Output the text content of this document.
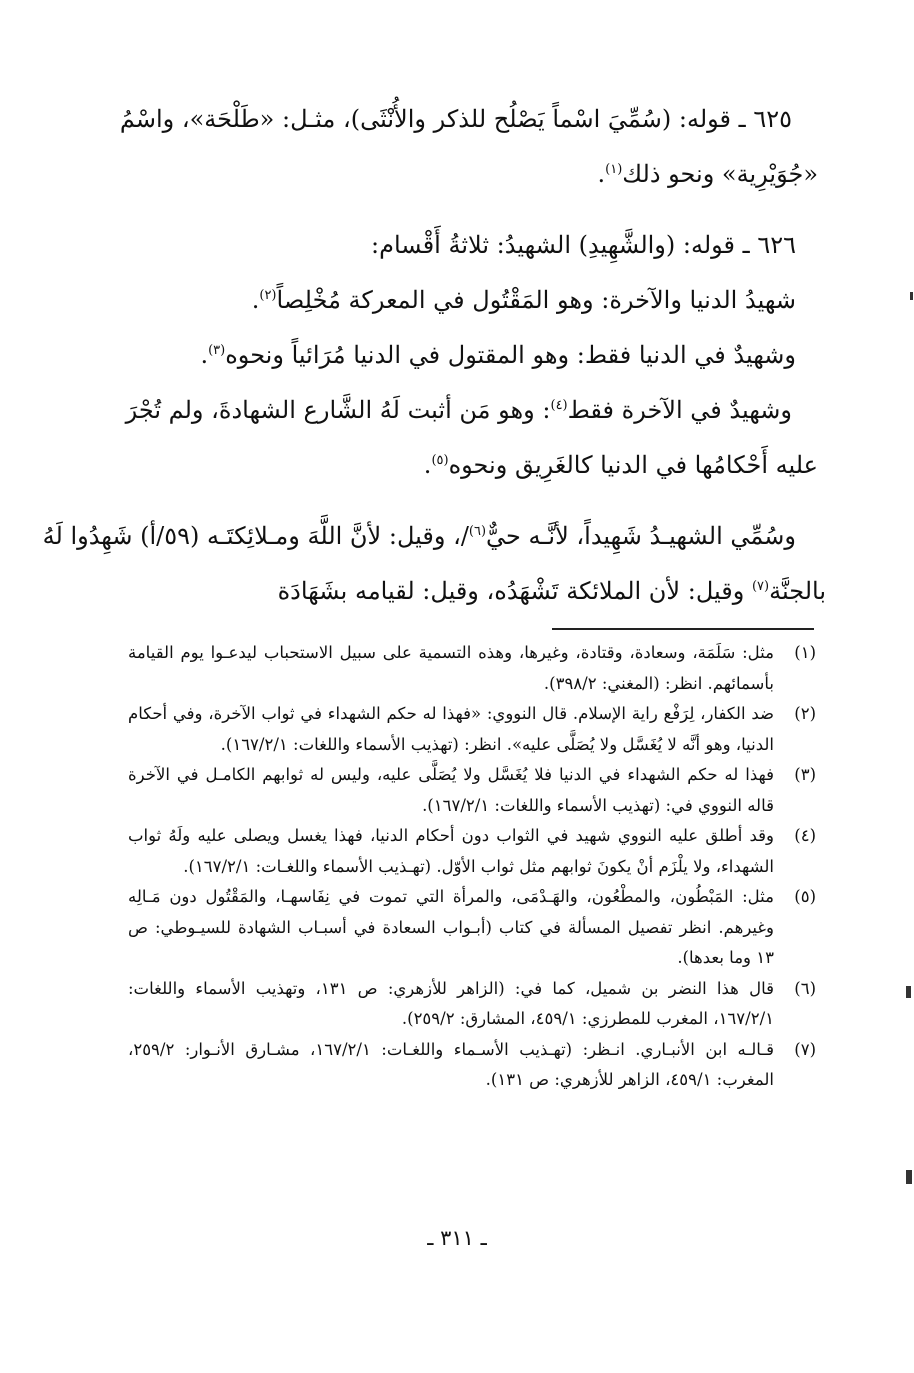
٦٢٥ ـ قوله: (سُمِّيَ اسْماً يَصْلُح للذكر والأُنْثَى)، مثـل: «طَلْحَة»، واسْمُ «جُوَيْرِية» ونحو ذلك$^{(١)}$.

٦٢٦ ـ قوله: (والشَّهِيدِ) الشهيدُ: ثلاثةُ أَقْسام:

شهيدُ الدنيا والآخرة: وهو المَقْتُول في المعركة مُخْلِصاً$^{(٢)}$.

وشهيدٌ في الدنيا فقط: وهو المقتول في الدنيا مُرَائياً ونحوه$^{(٣)}$.

وشهيدٌ في الآخرة فقط$^{(٤)}$: وهو مَن أثبت لَهُ الشَّارع الشهادةَ، ولم تُجْرَ عليه أَحْكامُها في الدنيا كالغَرِيق ونحوه$^{(٥)}$.

وسُمِّي الشهيـدُ شَهِيداً، لأنَّـه حيٌّ$^{(٦)}$/، وقيل: لأنَّ اللَّهَ ومـلائِكتَـه (٥٩/أ) شَهِدُوا لَهُ بالجنَّة$^{(٧)}$ وقيل: لأن الملائكة تَشْهَدُه، وقيل: لقيامه بشَهَادَة

(١)
مثل: سَلَمَة، وسعادة، وقتادة، وغيرها، وهذه التسمية على سبيل الاستحباب ليدعـوا يوم القيامة بأسمائهم. انظر: (المغني: ٣٩٨/٢).
(٢)
ضد الكفار، لِرَفْع راية الإسلام. قال النووي: «فهذا له حكم الشهداء في ثواب الآخرة، وفي أحكام الدنيا، وهو أنَّه لا يُغَسَّل ولا يُصَلَّى عليه». انظر: (تهذيب الأسماء واللغات: ١٦٧/٢/١).
(٣)
فهذا له حكم الشهداء في الدنيا فلا يُغَسَّل ولا يُصَلَّى عليه، وليس له ثوابهم الكامـل في الآخرة قاله النووي في: (تهذيب الأسماء واللغات: ١٦٧/٢/١).
(٤)
وقد أطلق عليه النووي شهيد في الثواب دون أحكام الدنيا، فهذا يغسل ويصلى عليه ولَهُ ثواب الشهداء، ولا يلْزَم أنْ يكونَ ثوابهم مثل ثواب الأوّل. (تهـذيب الأسماء واللغـات: ١٦٧/٢/١).
(٥)
مثل: المَبْطُون، والمطْعُون، والهَـدْمَى، والمرأة التي تموت في نِفَاسهـا، والمَقْتُول دون مَـالِه وغيرهم. انظر تفصيل المسألة في كتاب (أبـواب السعادة في أسبـاب الشهادة للسيـوطي: ص ١٣ وما بعدها).
(٦)
قال هذا النضر بن شميل، كما في: (الزاهر للأزهري: ص ١٣١، وتهذيب الأسماء واللغات: ١٦٧/٢/١، المغرب للمطرزي: ٤٥٩/١، المشارق: ٢٥٩/٢).
(٧)
قـالـه ابن الأنبـاري. انـظر: (تهـذيب الأسـماء واللغـات: ١٦٧/٢/١، مشـارق الأنـوار: ٢٥٩/٢، المغرب: ٤٥٩/١، الزاهر للأزهري: ص ١٣١).
ـ ٣١١ ـ
